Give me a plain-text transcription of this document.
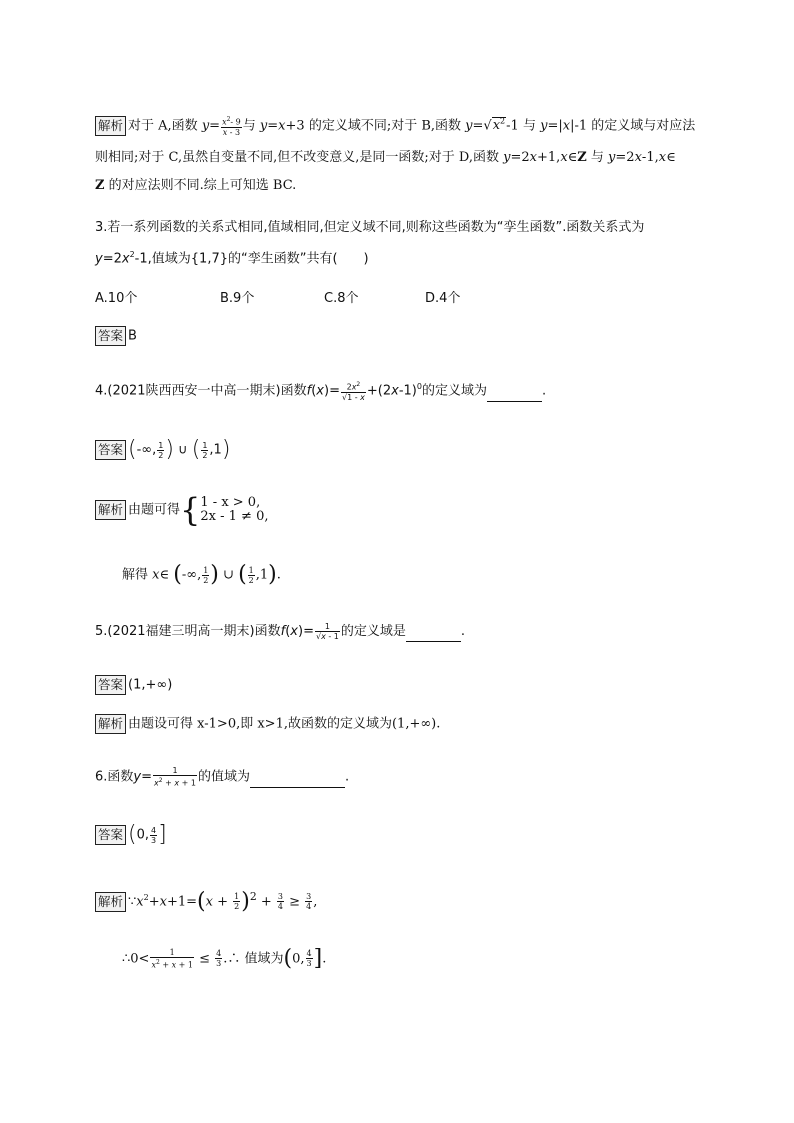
解析 对于 A,函数 $y= \frac{x^2- 9}{x - 3}$ 与 y=x+3 的定义域不同;对于 B,函数 $y=√x^2-1$ 与 y=|x|-1 的定义域与对应法
则相同;对于 C,虽然自变量不同,但不改变意义,是同一函数;对于 D,函数 y=2x+1,x∈Z 与 y=2x-1,x∈
Z 的对应法则不同.综上可知选 BC.
3.若一系列函数的关系式相同,值域相同,但定义域不同,则称这些函数为“孪生函数”.函数关系式为
$y=2x^2-1$,值域为{1,7}的“孪生函数”共有(　　)
A.10个	B.9个	C.8个	D.4个
答案 B
4.(2021陕西西安一中高一期末)函数$f(x)= \frac{2x^2}{√1 - x} +(2x-1)^0$的定义域为	.
答案 (-∞, $\frac{1}{2}$ ) ∪ ( $\frac{1}{2} ,1$)
解析 由题可得{ 1 - x > 0,
2x - 1 ≠ 0,
解得 x∈ (-∞, $\frac{1}{2}$ ) ∪ ( $\frac{1}{2} ,1$).
5.(2021福建三明高一期末)函数$f(x)= \frac{1}{√x - 1}$ 的定义域是	.
答案 (1,+∞)
解析 由题设可得 x-1>0,即 x>1,故函数的定义域为(1,+∞).
6.函数$y= \frac{1}{x^2 + x + 1}$ 的值域为	.
答案 (0, $\frac{4}{3}$ ]
解析 $\because x^2+x+1=(x + \frac{1}{2} )^2 + \frac{3}{4} \ge \frac{3}{4}$ ,
∴0< $\frac{1}{x^2 + x + 1} \le \frac{4}{3}$ .∴ 值域为(0, $\frac{4}{3}$ ].
